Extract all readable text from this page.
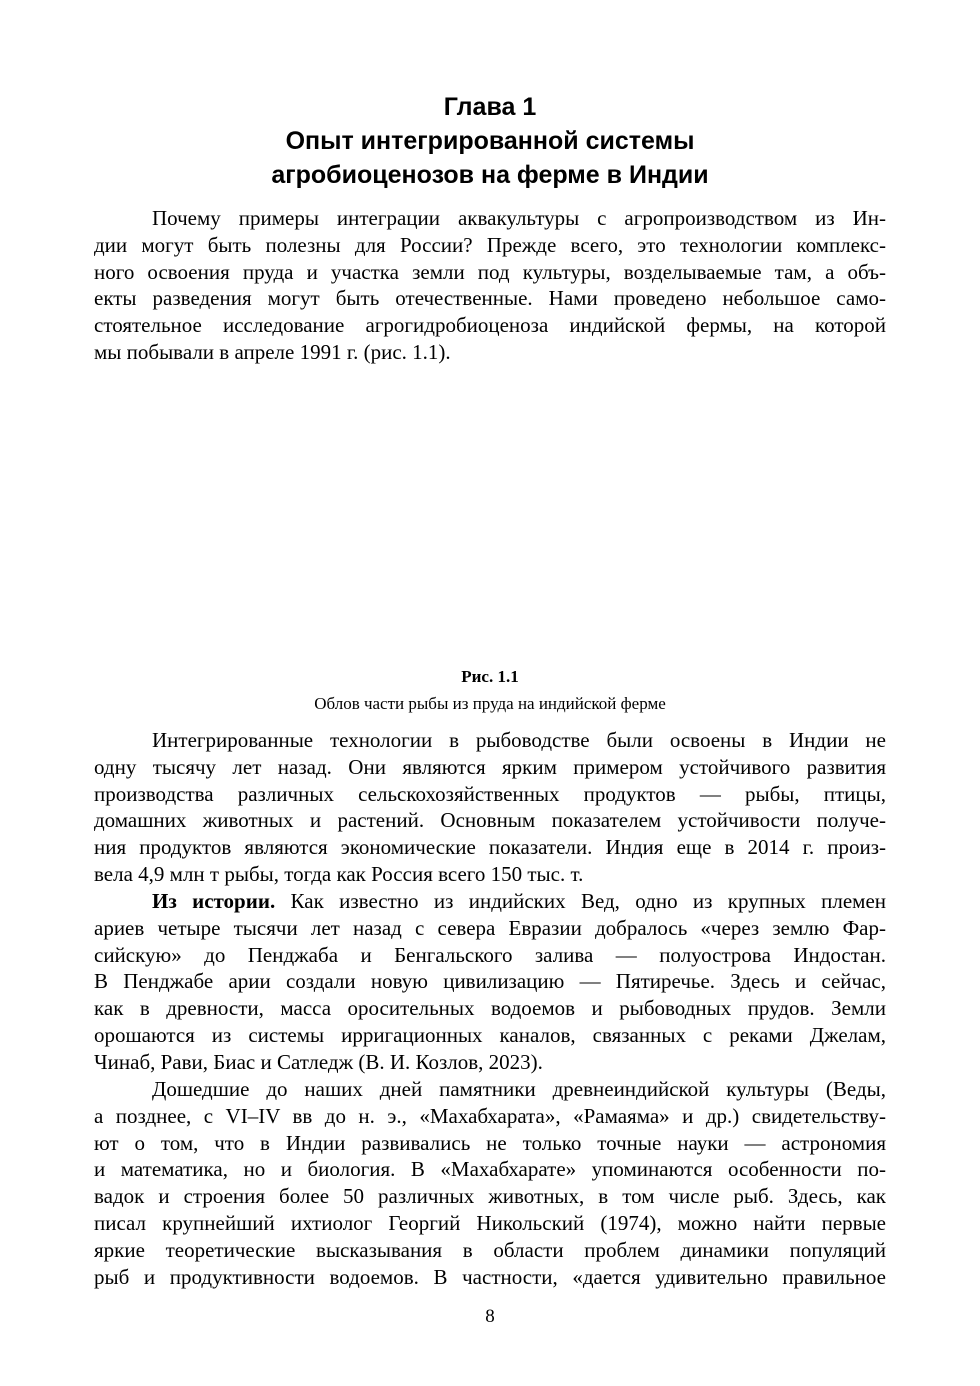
Глава 1
Опыт интегрированной системы
агробиоценозов на ферме в Индии
Почему примеры интеграции аквакультуры с агропроизводством из Ин-
дии могут быть полезны для России? Прежде всего, это технологии комплекс-
ного освоения пруда и участка земли под культуры, возделываемые там, а объ-
екты разведения могут быть отечественные. Нами проведено небольшое само-
стоятельное исследование агрогидробиоценоза индийской фермы, на которой
мы побывали в апреле 1991 г. (рис. 1.1).
Рис. 1.1
Облов части рыбы из пруда на индийской ферме
Интегрированные технологии в рыбоводстве были освоены в Индии не
одну тысячу лет назад. Они являются ярким примером устойчивого развития
производства различных сельскохозяйственных продуктов — рыбы, птицы,
домашних животных и растений. Основным показателем устойчивости получе-
ния продуктов являются экономические показатели. Индия еще в 2014 г. произ-
вела 4,9 млн т рыбы, тогда как Россия всего 150 тыс. т.
Из истории. Как известно из индийских Вед, одно из крупных племен
ариев четыре тысячи лет назад с севера Евразии добралось «через землю Фар-
сийскую» до Пенджаба и Бенгальского залива — полуострова Индостан.
В Пенджабе арии создали новую цивилизацию — Пятиречье. Здесь и сейчас,
как в древности, масса оросительных водоемов и рыбоводных прудов. Земли
орошаются из системы ирригационных каналов, связанных с реками Джелам,
Чинаб, Рави, Биас и Сатледж (В. И. Козлов, 2023).
Дошедшие до наших дней памятники древнеиндийской культуры (Веды,
а позднее, с VI–IV вв до н. э., «Махабхарата», «Рамаяма» и др.) свидетельству-
ют о том, что в Индии развивались не только точные науки — астрономия
и математика, но и биология. В «Махабхарате» упоминаются особенности по-
вадок и строения более 50 различных животных, в том числе рыб. Здесь, как
писал крупнейший ихтиолог Георгий Никольский (1974), можно найти первые
яркие теоретические высказывания в области проблем динамики популяций
рыб и продуктивности водоемов. В частности, «дается удивительно правильное
8
